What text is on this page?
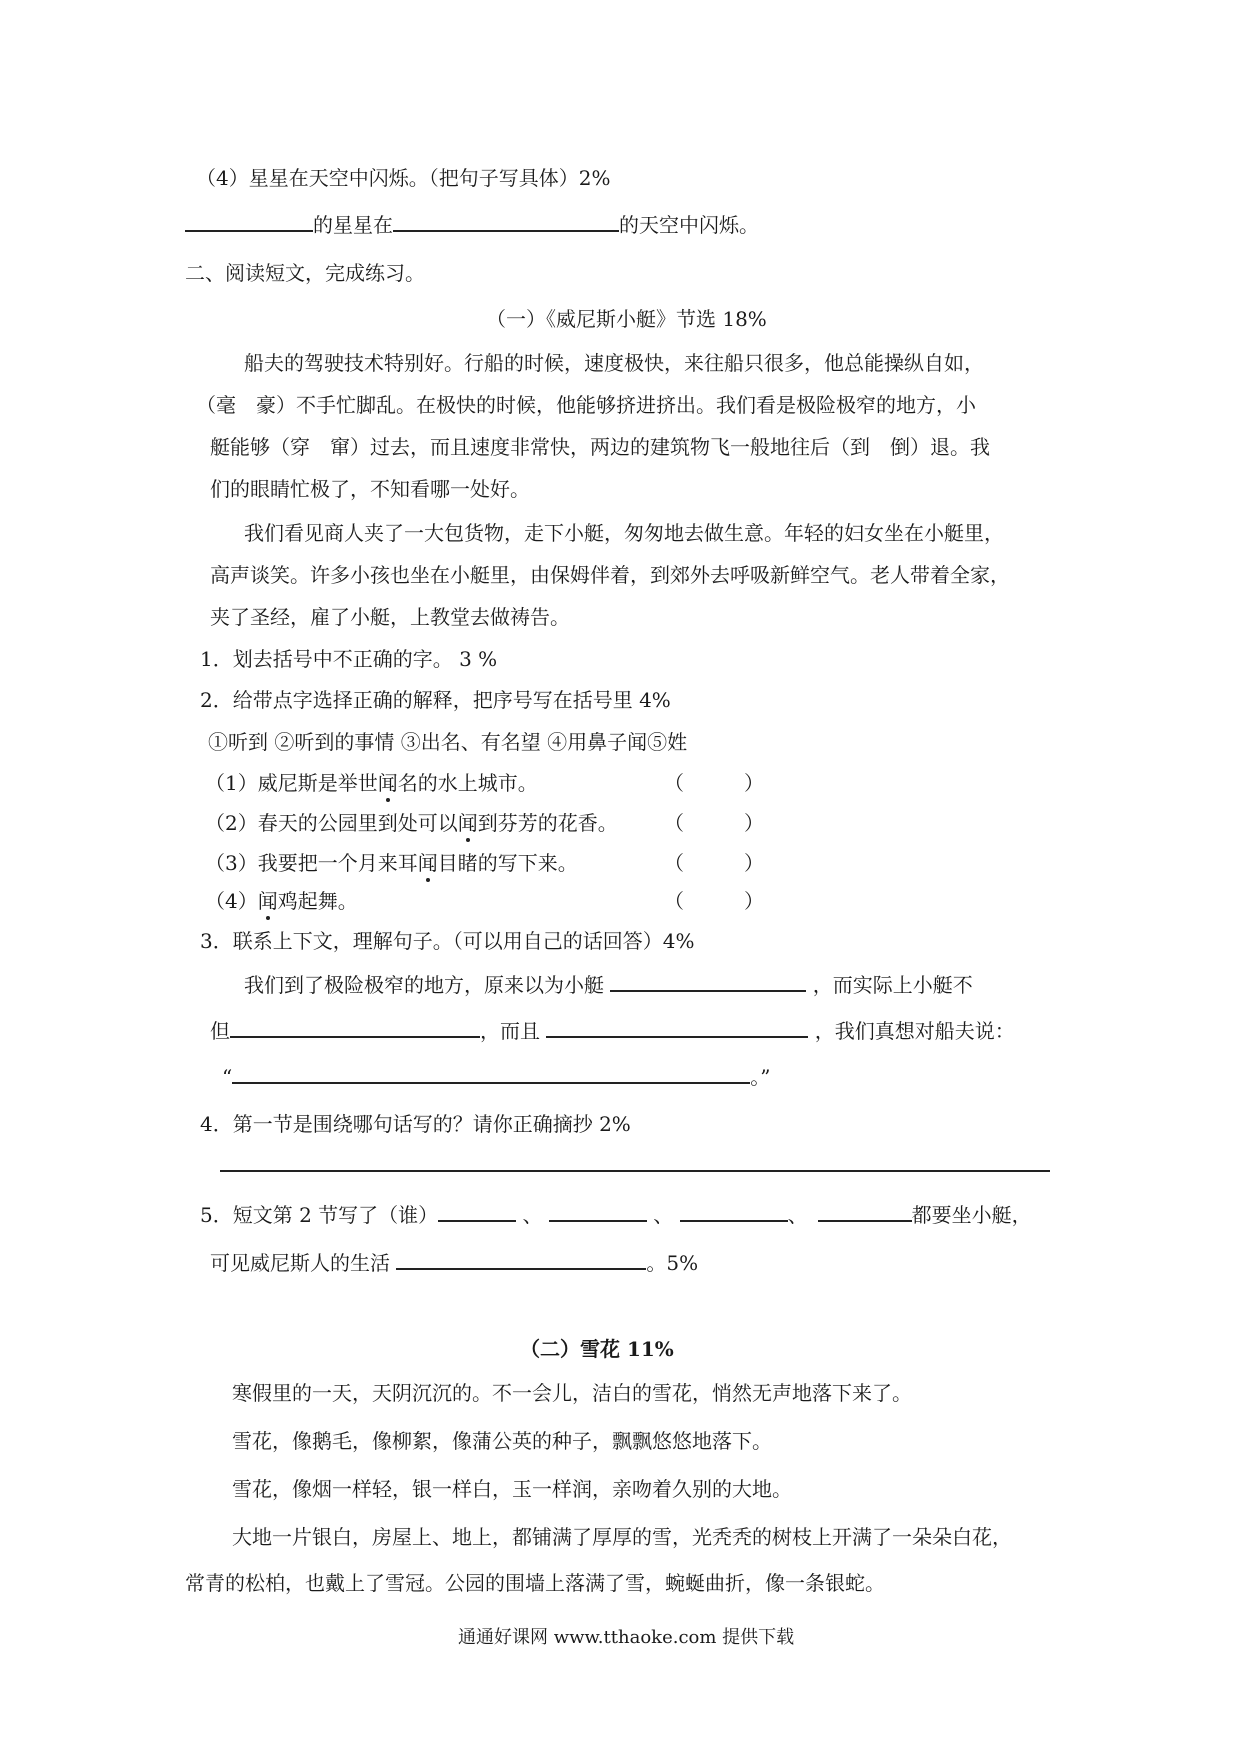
（4）星星在天空中闪烁。（把句子写具体）2%
的星星在	的天空中闪烁。
二、阅读短文，完成练习。
（一）《威尼斯小艇》节选 18%
船夫的驾驶技术特别好。行船的时候，速度极快，来往船只很多，他总能操纵自如，
（毫　豪）不手忙脚乱。在极快的时候，他能够挤进挤出。我们看是极险极窄的地方，小
艇能够（穿　窜）过去，而且速度非常快，两边的建筑物飞一般地往后（到　倒）退。我
们的眼睛忙极了，不知看哪一处好。
我们看见商人夹了一大包货物，走下小艇，匆匆地去做生意。年轻的妇女坐在小艇里，
高声谈笑。许多小孩也坐在小艇里，由保姆伴着，到郊外去呼吸新鲜空气。老人带着全家，
夹了圣经，雇了小艇，上教堂去做祷告。
1．划去括号中不正确的字。 3 %
2．给带点字选择正确的解释，把序号写在括号里 4%
①听到 ②听到的事情 ③出名、有名望 ④用鼻子闻⑤姓
（1）威尼斯是举世闻名的水上城市。	（　　　）
（2）春天的公园里到处可以闻到芬芳的花香。 （　　　）
（3）我要把一个月来耳闻目睹的写下来。	（　　　）
（4）闻鸡起舞。	（　　　）
3．联系上下文，理解句子。（可以用自己的话回答）4%
我们到了极险极窄的地方，原来以为小艇	，而实际上小艇不
但	，而且	，我们真想对船夫说：
“	。”
4．第一节是围绕哪句话写的？请你正确摘抄 2%
5．短文第 2 节写了（谁）	、	、	、　	都要坐小艇，
可见威尼斯人的生活	。5%
（二）雪花 11%
寒假里的一天，天阴沉沉的。不一会儿，洁白的雪花，悄然无声地落下来了。
雪花，像鹅毛，像柳絮，像蒲公英的种子，飘飘悠悠地落下。
雪花，像烟一样轻，银一样白，玉一样润，亲吻着久别的大地。
大地一片银白，房屋上、地上，都铺满了厚厚的雪，光秃秃的树枝上开满了一朵朵白花，
常青的松柏，也戴上了雪冠。公园的围墙上落满了雪，蜿蜒曲折，像一条银蛇。
通通好课网 www.tthaoke.com 提供下载
